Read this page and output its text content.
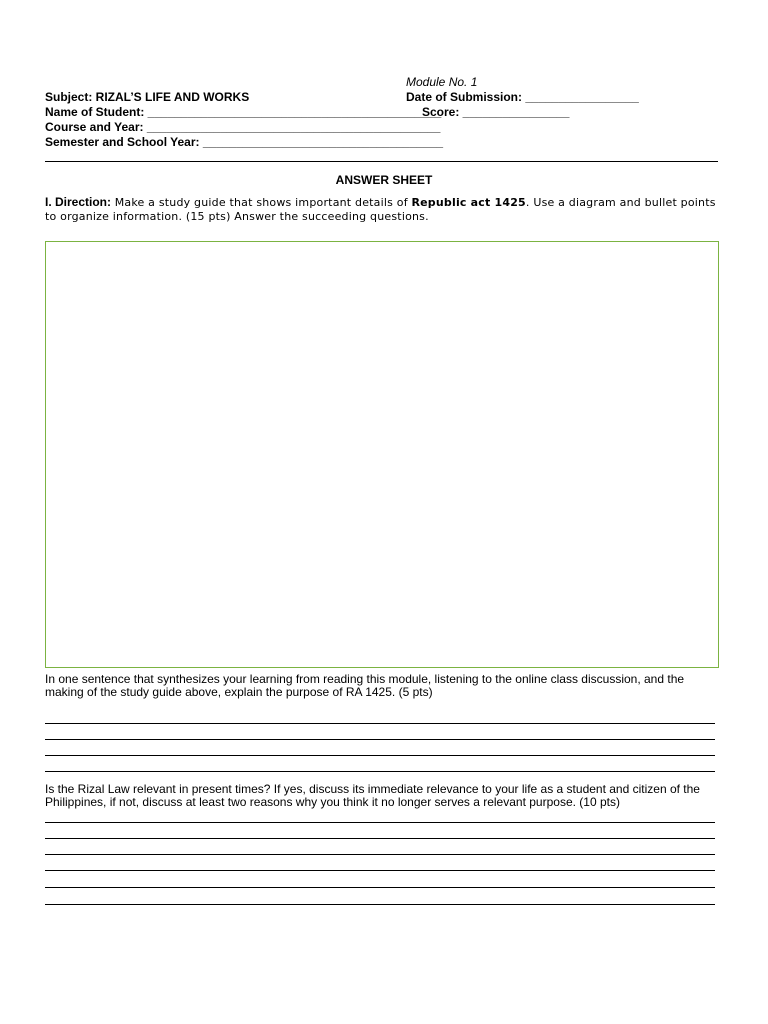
Module No. 1
Subject: RIZAL’S LIFE AND WORKS	Date of Submission: _________________
Name of Student: ____________________________________________
Score: ________________
Course and Year: ____________________________________________
Semester and School Year: ____________________________________
ANSWER SHEET
I. Direction: Make a study guide that shows important details of Republic act 1425. Use a diagram and bullet points to organize information. (15 pts) Answer the succeeding questions.
In one sentence that synthesizes your learning from reading this module, listening to the online class discussion, and the making of the study guide above, explain the purpose of RA 1425. (5 pts)
Is the Rizal Law relevant in present times? If yes, discuss its immediate relevance to your life as a student and citizen of the Philippines, if not, discuss at least two reasons why you think it no longer serves a relevant purpose. (10 pts)
